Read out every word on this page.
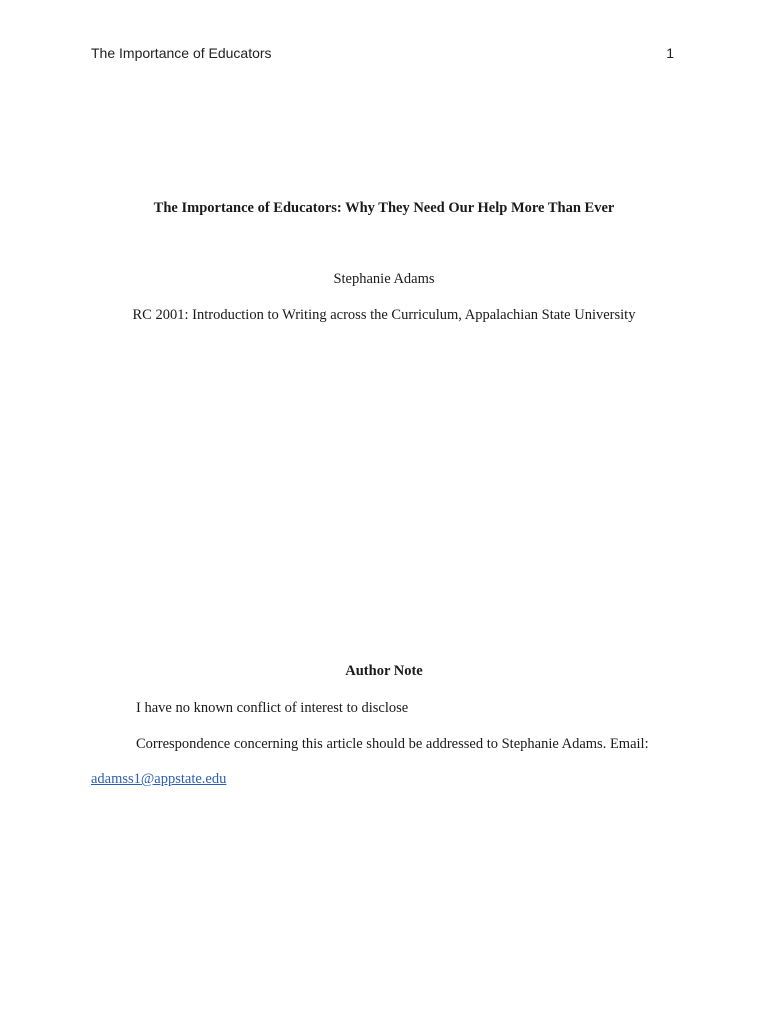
The Importance of Educators	1
The Importance of Educators: Why They Need Our Help More Than Ever
Stephanie Adams
RC 2001: Introduction to Writing across the Curriculum, Appalachian State University
Author Note
I have no known conflict of interest to disclose
Correspondence concerning this article should be addressed to Stephanie Adams. Email:
adamss1@appstate.edu
